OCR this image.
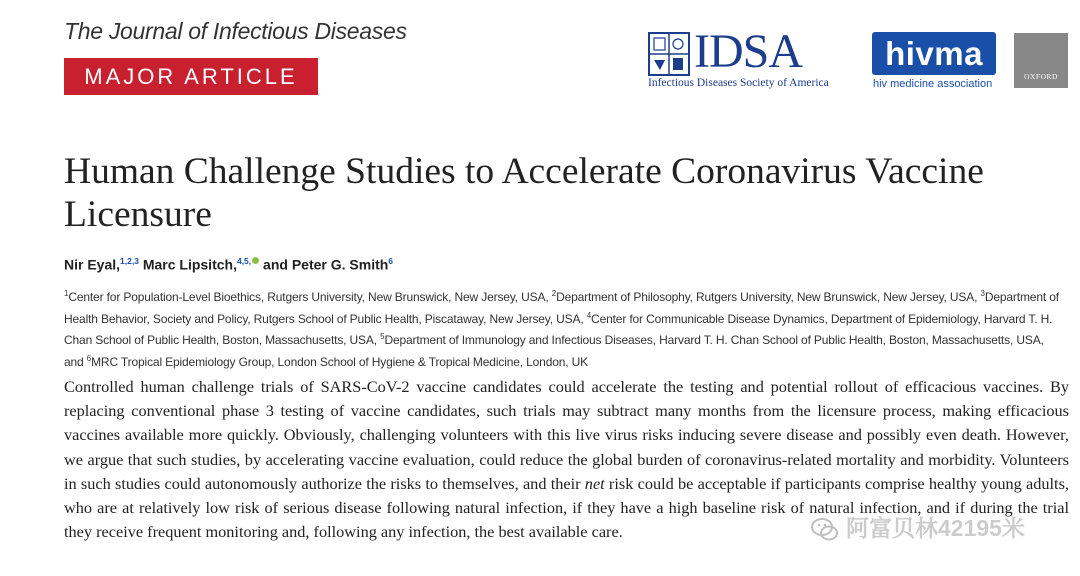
The Journal of Infectious Diseases
MAJOR ARTICLE	IDSA
Infectious Diseases Society of America
hivma
hiv medicine association
OXFORD
Human Challenge Studies to Accelerate Coronavirus Vaccine Licensure
Nir Eyal,$^{1,2,3}$ Marc Lipsitch,$^{4,5,}$ and Peter G. Smith$^6$
$^1$Center for Population-Level Bioethics, Rutgers University, New Brunswick, New Jersey, USA, $^2$Department of Philosophy, Rutgers University, New Brunswick, New Jersey, USA, $^3$Department of Health Behavior, Society and Policy, Rutgers School of Public Health, Piscataway, New Jersey, USA, $^4$Center for Communicable Disease Dynamics, Department of Epidemiology, Harvard T. H. Chan School of Public Health, Boston, Massachusetts, USA, $^5$Department of Immunology and Infectious Diseases, Harvard T. H. Chan School of Public Health, Boston, Massachusetts, USA, and $^6$MRC Tropical Epidemiology Group, London School of Hygiene & Tropical Medicine, London, UK

Controlled human challenge trials of SARS-CoV-2 vaccine candidates could accelerate the testing and potential rollout of efficacious vaccines. By replacing conventional phase 3 testing of vaccine candidates, such trials may subtract many months from the licensure process, making efficacious vaccines available more quickly. Obviously, challenging volunteers with this live virus risks inducing severe disease and possibly even death. However, we argue that such studies, by accelerating vaccine evaluation, could reduce the global burden of coronavirus-related mortality and morbidity. Volunteers in such studies could autonomously authorize the risks to themselves, and their net risk could be acceptable if participants comprise healthy young adults, who are at relatively low risk of serious disease following natural infection, if they have a high baseline risk of natural infection, and if during the trial they receive frequent monitoring and, following any infection, the best available care.	阿富贝林42195米
